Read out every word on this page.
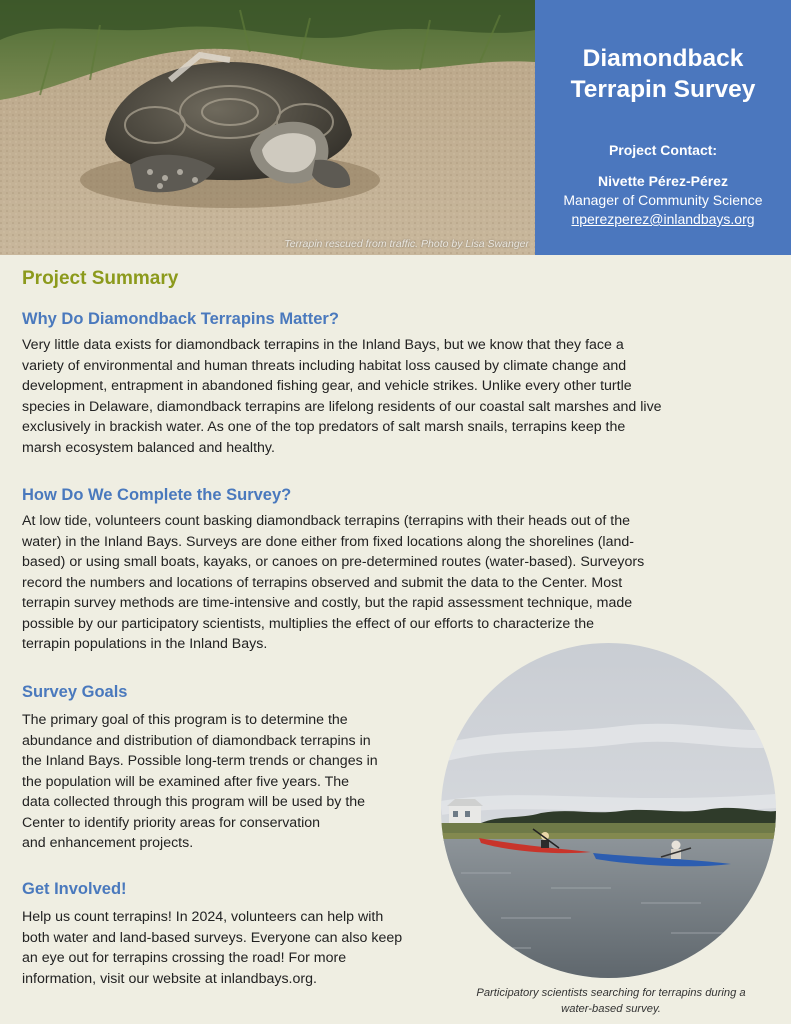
Terrapin rescued from traffic. Photo by Lisa Swanger
Diamondback
Terrapin Survey
Project Contact:
Nivette Pérez-Pérez
Manager of Community Science
nperezperez@inlandbays.org
Project Summary
Why Do Diamondback Terrapins Matter?

Very little data exists for diamondback terrapins in the Inland Bays, but we know that they face a
variety of environmental and human threats including habitat loss caused by climate change and
development, entrapment in abandoned fishing gear, and vehicle strikes. Unlike every other turtle
species in Delaware, diamondback terrapins are lifelong residents of our coastal salt marshes and live
exclusively in brackish water. As one of the top predators of salt marsh snails, terrapins keep the
marsh ecosystem balanced and healthy.

How Do We Complete the Survey?

At low tide, volunteers count basking diamondback terrapins (terrapins with their heads out of the
water) in the Inland Bays. Surveys are done either from fixed locations along the shorelines (land-
based) or using small boats, kayaks, or canoes on pre-determined routes (water-based). Surveyors
record the numbers and locations of terrapins observed and submit the data to the Center. Most
terrapin survey methods are time-intensive and costly, but the rapid assessment technique, made
possible by our participatory scientists, multiplies the effect of our efforts to characterize the
terrapin populations in the Inland Bays.

Survey Goals

The primary goal of this program is to determine the
abundance and distribution of diamondback terrapins in
the Inland Bays. Possible long-term trends or changes in
the population will be examined after five years. The
data collected through this program will be used by the
Center to identify priority areas for conservation
and enhancement projects.

Get Involved!

Help us count terrapins! In 2024, volunteers can help with
both water and land-based surveys. Everyone can also keep
an eye out for terrapins crossing the road! For more
information, visit our website at inlandbays.org.

Participatory scientists searching for terrapins during a
water-based survey.
